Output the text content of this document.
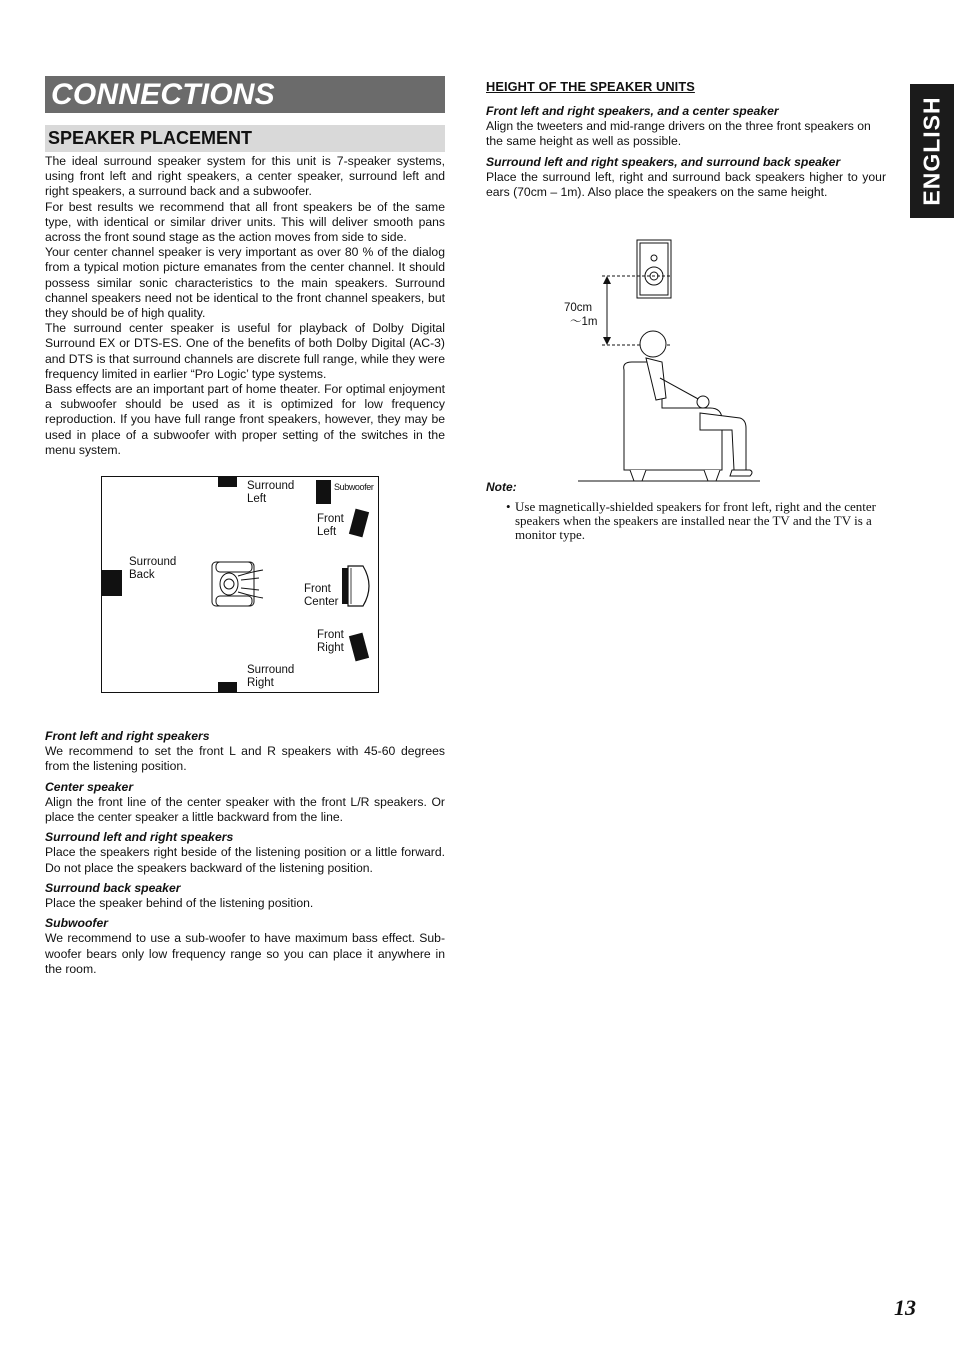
CONNECTIONS
SPEAKER PLACEMENT	ENGLISH

The ideal surround speaker system for this unit is 7-speaker systems, using front left and right speakers, a center speaker, surround left and right speakers, a surround back and a subwoofer.

For best results we recommend that all front speakers be of the same type, with identical or similar driver units. This will deliver smooth pans across the front sound stage as the action moves from side to side.

Your center channel speaker is very important as over 80 % of the dialog from a typical motion picture emanates from the center channel. It should possess similar sonic characteristics to the main speakers. Surround channel speakers need not be identical to the front channel speakers, but they should be of high quality.

The surround center speaker is useful for playback of Dolby Digital Surround EX or DTS-ES. One of the benefits of both Dolby Digital (AC-3) and DTS is that surround channels are discrete full range, while they were frequency limited in earlier “Pro Logic’ type systems.

Bass effects are an important part of home theater. For optimal enjoyment a subwoofer should be used as it is optimized for low frequency reproduction. If you have full range front speakers, however, they may be used in place of a subwoofer with proper setting of the switches in the menu system.

Surround
Left
Subwoofer
Front
Left
Surround
Back
Front
Center
Front
Right
Surround
Right

Front left and right speakers

We recommend to set the front L and R speakers with 45-60 degrees from the listening position.

Center speaker

Align the front line of the center speaker with the front L/R speakers. Or place the center speaker a little backward from the line.

Surround left and right speakers

Place the speakers right beside of the listening position or a little forward. Do not place the speakers backward of the listening position.

Surround back speaker

Place the speaker behind of the listening position.

Subwoofer

We recommend to use a sub-woofer to have maximum bass effect. Sub-woofer bears only low frequency range so you can place it anywhere in the room.

HEIGHT OF THE SPEAKER UNITS

Front left and right speakers, and a center speaker

Align the tweeters and mid-range drivers on the three front speakers on the same height as well as possible.

Surround left and right speakers, and surround back speaker

Place the surround left, right and surround back speakers higher to your ears (70cm – 1m). Also place the speakers on the same height.

70cm
～1m
Note:
• Use magnetically-shielded speakers for front left, right and the center speakers when the speakers are installed near the TV and the TV is a monitor type.
13
